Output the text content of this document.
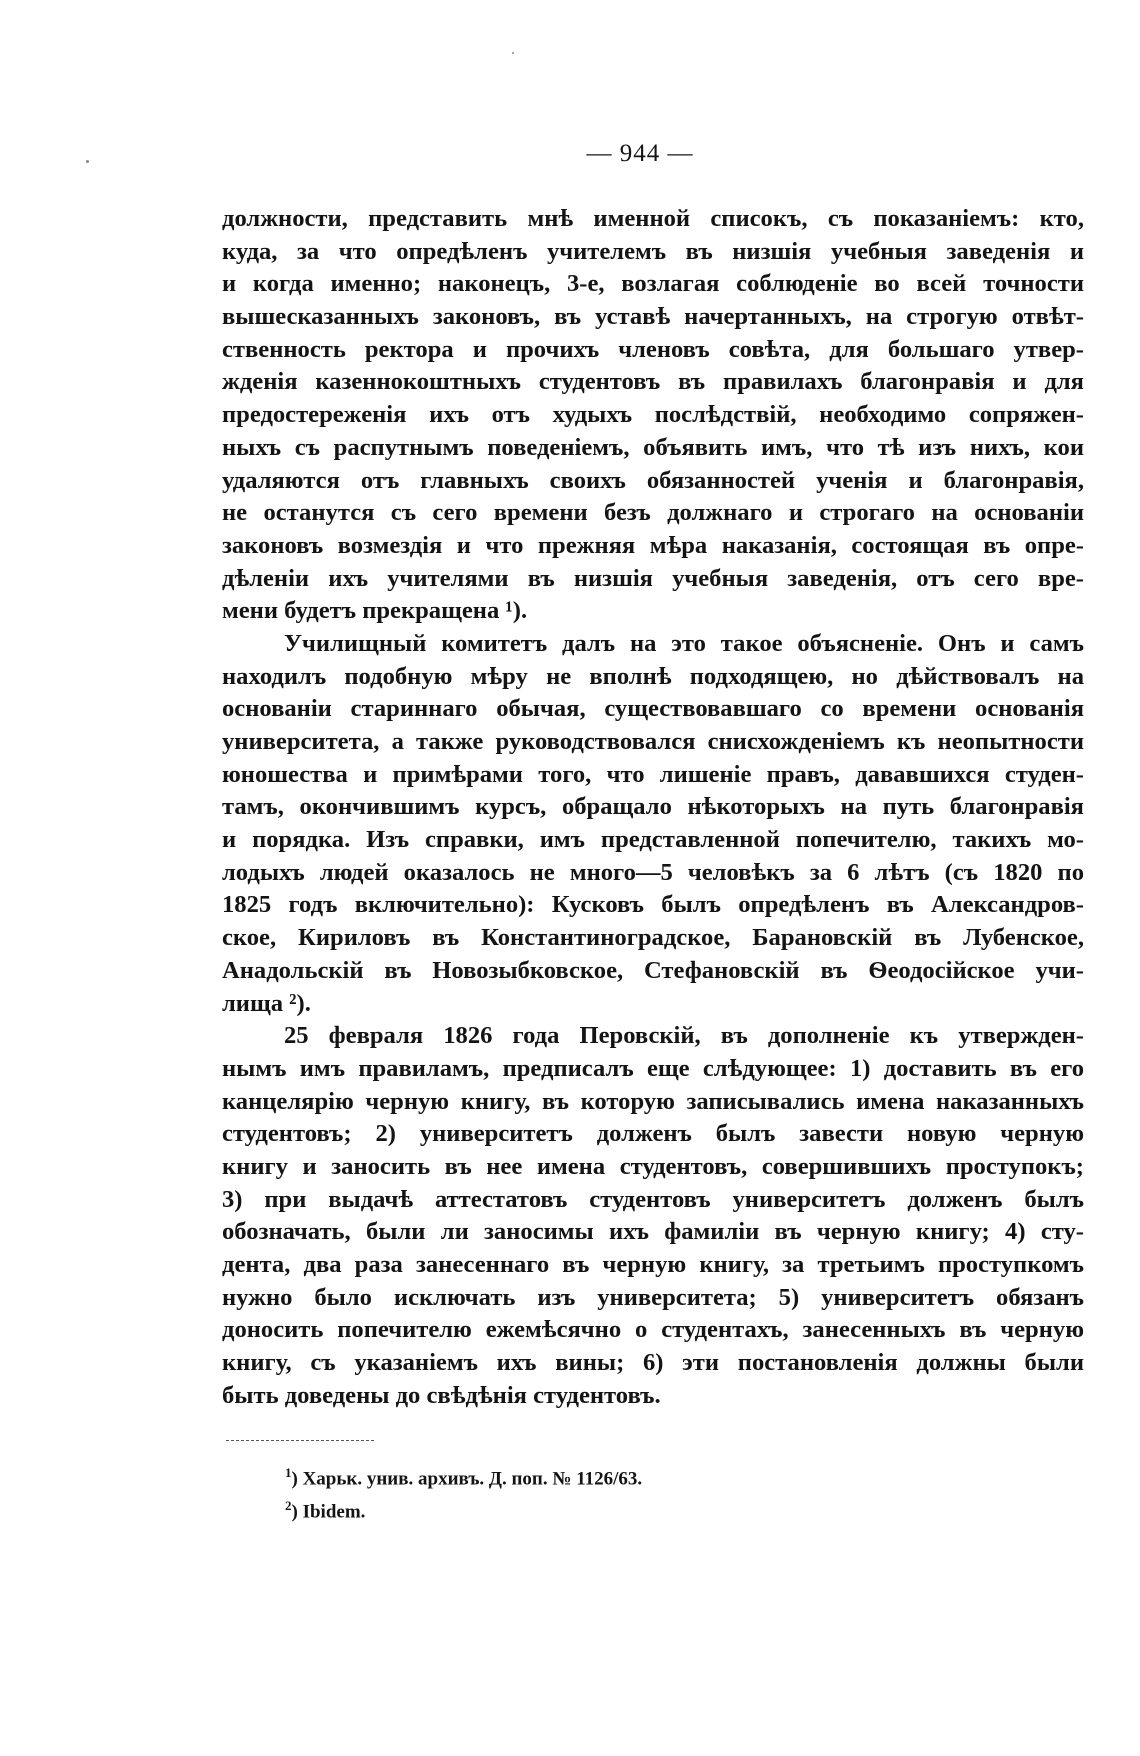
— 944 —
должности, представить мнѣ именной списокъ, съ показаніемъ: кто,
куда, за что опредѣленъ учителемъ въ низшія учебныя заведенія и
и когда именно; наконецъ, 3-е, возлагая соблюденіе во всей точности
вышесказанныхъ законовъ, въ уставѣ начертанныхъ, на строгую отвѣт-
ственность ректора и прочихъ членовъ совѣта, для большаго утвер-
жденія казеннокоштныхъ студентовъ въ правилахъ благонравія и для
предостереженія ихъ отъ худыхъ послѣдствій, необходимо сопряжен-
ныхъ съ распутнымъ поведеніемъ, объявить имъ, что тѣ изъ нихъ, кои
удаляются отъ главныхъ своихъ обязанностей ученія и благонравія,
не останутся съ сего времени безъ должнаго и строгаго на основаніи
законовъ возмездія и что прежняя мѣра наказанія, состоящая въ опре-
дѣленіи ихъ учителями въ низшія учебныя заведенія, отъ сего вре-
мени будетъ прекращена ¹).
Училищный комитетъ далъ на это такое объясненіе. Онъ и самъ
находилъ подобную мѣру не вполнѣ подходящею, но дѣйствовалъ на
основаніи стариннаго обычая, существовавшаго со времени основанія
университета, а также руководствовался снисхожденіемъ къ неопытности
юношества и примѣрами того, что лишеніе правъ, дававшихся студен-
тамъ, окончившимъ курсъ, обращало нѣкоторыхъ на путь благонравія
и порядка. Изъ справки, имъ представленной попечителю, такихъ мо-
лодыхъ людей оказалось не много—5 человѣкъ за 6 лѣтъ (съ 1820 по
1825 годъ включительно): Кусковъ былъ опредѣленъ въ Александров-
ское, Кириловъ въ Константиноградское, Барановскій въ Лубенское,
Анадольскій въ Новозыбковское, Стефановскій въ Ѳеодосійское учи-
лища ²).
25 февраля 1826 года Перовскій, въ дополненіе къ утвержден-
нымъ имъ правиламъ, предписалъ еще слѣдующее: 1) доставить въ его
канцелярію черную книгу, въ которую записывались имена наказанныхъ
студентовъ; 2) университетъ долженъ былъ завести новую черную
книгу и заносить въ нее имена студентовъ, совершившихъ проступокъ;
3) при выдачѣ аттестатовъ студентовъ университетъ долженъ былъ
обозначать, были ли заносимы ихъ фамиліи въ черную книгу; 4) сту-
дента, два раза занесеннаго въ черную книгу, за третьимъ проступкомъ
нужно было исключать изъ университета; 5) университетъ обязанъ
доносить попечителю ежемѣсячно о студентахъ, занесенныхъ въ черную
книгу, съ указаніемъ ихъ вины; 6) эти постановленія должны были
быть доведены до свѣдѣнія студентовъ.
$^1$) Харьк. унив. архивъ. Д. поп. № 1126/63.
$^2$) Ibidem.
